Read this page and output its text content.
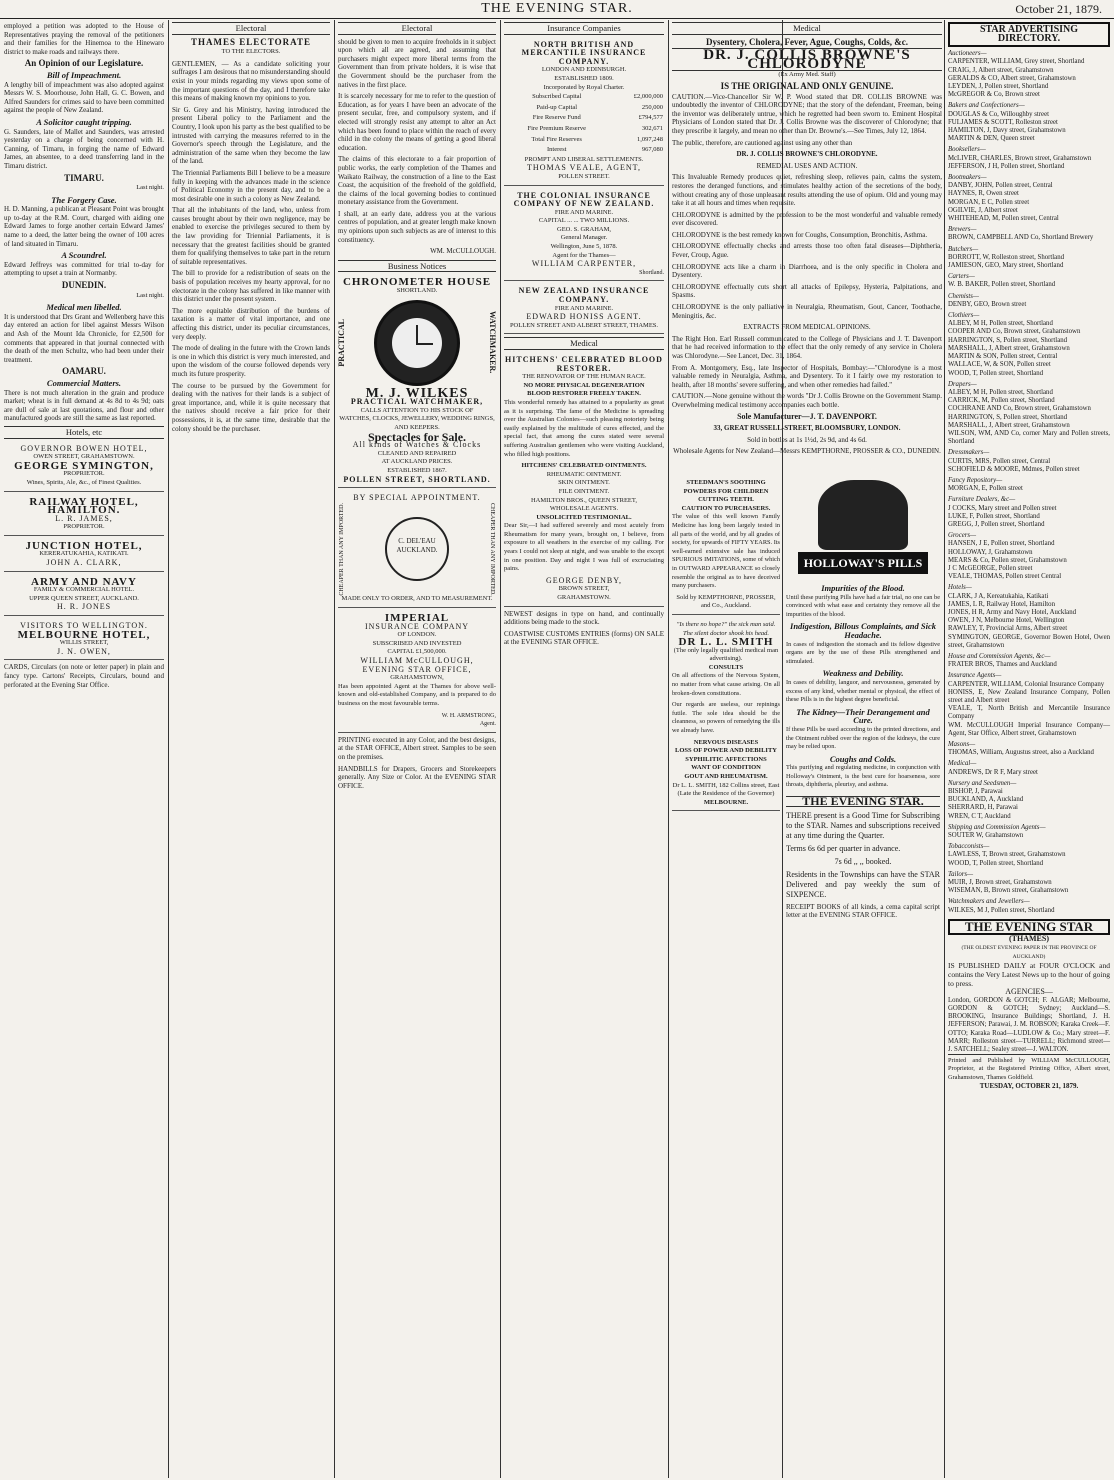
THE EVENING STAR.	October 21, 1879.

employed a petition was adopted to the House of Representatives praying the removal of the petitioners and their families for the Hinemoa to the Hinewaro district to make roads and railways there.

An Opinion of our Legislature.
Bill of Impeachment.

A lengthy bill of impeachment was also adopted against Messrs W. S. Moorhouse, John Hall, G. C. Bowen, and Alfred Saunders for crimes said to have been committed against the people of New Zealand.

A Solicitor caught tripping.

G. Saunders, late of Mallet and Saunders, was arrested yesterday on a charge of being concerned with H. Canning, of Timaru, in forging the name of Edward James, an absentee, to a deed transferring land in the Timaru district.

TIMARU.
Last night.
The Forgery Case.

H. D. Manning, a publican at Pleasant Point was brought up to-day at the R.M. Court, charged with aiding one Edward James to forge another certain Edward James' name to a deed, the latter being the owner of 100 acres of land situated in Timaru.

A Scoundrel.

Edward Jeffreys was committed for trial to-day for attempting to upset a train at Normanby.

DUNEDIN.
Last night.
Medical men libelled.

It is understood that Drs Grant and Wellenberg have this day entered an action for libel against Messrs Wilson and Ash of the Mount Ida Chronicle, for £2,500 for comments that appeared in that journal connected with the death of the men Schultz, who had been under their treatment.

OAMARU.
Commercial Matters.

There is not much alteration in the grain and produce market; wheat is in full demand at 4s 8d to 4s 9d; oats are dull of sale at last quotations, and flour and other manufactured goods are still the same as last reported.

Hotels, etc
GOVERNOR BOWEN HOTEL,
OWEN STREET, GRAHAMSTOWN.
GEORGE SYMINGTON,
PROPRIETOR.
Wines, Spirits, Ale, &c., of Finest Qualities.
RAILWAY HOTEL, HAMILTON.
L. R. JAMES,
PROPRIETOR.
JUNCTION HOTEL,
KERERATUKAHIA, KATIKATI.
JOHN A. CLARK,
ARMY AND NAVY
FAMILY & COMMERCIAL HOTEL.
UPPER QUEEN STREET, AUCKLAND.
H. R. JONES
VISITORS TO WELLINGTON.
MELBOURNE HOTEL,
WILLIS STREET,
J. N. OWEN,

CARDS, Circulars (on note or letter paper) in plain and fancy type. Cartons' Receipts, Circulars, bound and perforated at the Evening Star Office.

Electoral
THAMES ELECTORATE
TO THE ELECTORS.

GENTLEMEN, — As a candidate soliciting your suffrages I am desirous that no misunderstanding should exist in your minds regarding my views upon some of the important questions of the day, and I therefore take this means of making known my opinions to you.

Sir G. Grey and his Ministry, having introduced the present Liberal policy to the Parliament and the Country, I look upon his party as the best qualified to be intrusted with carrying the measures referred to in the Governor's speech through the Legislature, and the administration of the same when they become the law of the land.

The Triennial Parliaments Bill I believe to be a measure fully in keeping with the advances made in the science of Political Economy in the present day, and to be a most desirable one in such a colony as New Zealand.

That all the inhabitants of the land, who, unless from causes brought about by their own negligence, may be enabled to exercise the privileges secured to them by the law providing for Triennial Parliaments, it is necessary that the greatest facilities should be granted them for qualifying themselves to take part in the return of suitable representatives.

The bill to provide for a redistribution of seats on the basis of population receives my hearty approval, for no electorate in the colony has suffered in like manner with this district under the present system.

The more equitable distribution of the burdens of taxation is a matter of vital importance, and one affecting this district, under its peculiar circumstances, very deeply.

The mode of dealing in the future with the Crown lands is one in which this district is very much interested, and upon the wisdom of the course followed depends very much its future prosperity.

The course to be pursued by the Government for dealing with the natives for their lands is a subject of great importance, and, while it is quite necessary that the natives should receive a fair price for their possessions, it is, at the same time, desirable that the colony should be the purchaser.

Electoral

should be given to men to acquire freeholds in it subject upon which all are agreed, and assuming that purchasers might expect more liberal terms from the Government than from private holders, it is wise that the Government should be the purchaser from the natives in the first place.

It is scarcely necessary for me to refer to the question of Education, as for years I have been an advocate of the present secular, free, and compulsory system, and if elected will strongly resist any attempt to alter an Act which has been found to place within the reach of every child in the colony the means of getting a good liberal education.

The claims of this electorate to a fair proportion of public works, the early completion of the Thames and Waikato Railway, the construction of a line to the East Coast, the acquisition of the freehold of the goldfield, the claims of the local governing bodies to continued monetary assistance from the Government.

I shall, at an early date, address you at the various centres of population, and at greater length make known my opinions upon such subjects as are of interest to this constituency.

WM. McCULLOUGH.
Business Notices
CHRONOMETER HOUSE
SHORTLAND.
PRACTICAL	WATCHMAKER.
M. J. WILKES
PRACTICAL WATCHMAKER,
CALLS ATTENTION TO HIS STOCK OF
WATCHES, CLOCKS, JEWELLERY, WEDDING RINGS, AND KEEPERS.
Spectacles for Sale.
All kinds of Watches & Clocks
CLEANED AND REPAIRED
AT AUCKLAND PRICES.
ESTABLISHED 1867.
POLLEN STREET, SHORTLAND.
BY SPECIAL APPOINTMENT.
CHEAPER THAN ANY IMPORTED.	C. DEL'EAU AUCKLAND.	CHEAPER THAN ANY IMPORTED.
MADE ONLY TO ORDER, AND TO MEASUREMENT.
IMPERIAL
INSURANCE COMPANY
OF LONDON.
SUBSCRIBED AND INVESTED
CAPITAL £1,500,000.
WILLIAM McCULLOUGH,
EVENING STAR OFFICE,
GRAHAMSTOWN,

Has been appointed Agent at the Thames for above well-known and old-established Company, and is prepared to do business on the most favourable terms.

W. H. ARMSTRONG,
Agent.

PRINTING executed in any Color, and the best designs, at the STAR OFFICE, Albert street. Samples to be seen on the premises.

HANDBILLS for Drapers, Grocers and Storekeepers generally. Any Size or Color. At the EVENING STAR OFFICE.

Insurance Companies
NORTH BRITISH AND MERCANTILE INSURANCE COMPANY.
LONDON AND EDINBURGH.
ESTABLISHED 1809.
Incorporated by Royal Charter.
Subscribed Capital	£2,000,000
Paid-up Capital	250,000
Fire Reserve Fund	£794,577
Fire Premium Reserve	302,671
Total Fire Reserves	1,097,248
Interest	967,080
PROMPT AND LIBERAL SETTLEMENTS.
THOMAS VEALE, AGENT,
POLLEN STREET.
THE COLONIAL INSURANCE COMPANY OF NEW ZEALAND.
FIRE AND MARINE.
CAPITAL ... ... TWO MILLIONS.
GEO. S. GRAHAM,
General Manager.
Wellington, June 5, 1878.
Agent for the Thames—
WILLIAM CARPENTER,
Shortland.
NEW ZEALAND INSURANCE COMPANY.
FIRE AND MARINE.
EDWARD HONISS AGENT.
POLLEN STREET AND ALBERT STREET, THAMES.
Medical
HITCHENS' CELEBRATED BLOOD RESTORER.
THE RENOVATOR OF THE HUMAN RACE.
NO MORE PHYSICAL DEGENERATION
BLOOD RESTORER FREELY TAKEN.

This wonderful remedy has attained to a popularity as great as it is surprising. The fame of the Medicine is spreading over the Australian Colonies—such pleasing notoriety being easily explained by the multitude of cures effected, and the special fact, that among the cures stated were several suffering Australian gentlemen who were visiting Auckland, who filled high positions.

HITCHENS' CELEBRATED OINTMENTS.
RHEUMATIC OINTMENT.
SKIN OINTMENT.
FILE OINTMENT.
HAMILTON BROS., QUEEN STREET,
WHOLESALE AGENTS.
UNSOLICITED TESTIMONIAL.

Dear Sir,—I had suffered severely and most acutely from Rheumatism for many years, brought on, I believe, from exposure to all weathers in the exercise of my calling. For years I could not sleep at night, and was unable to the except in one position. Day and night I was full of excruciating pains.

GEORGE DENBY,
BROWN STREET,
GRAHAMSTOWN.

NEWEST designs in type on hand, and continually additions being made to the stock.

COASTWISE CUSTOMS ENTRIES (forms) ON SALE at the EVENING STAR OFFICE.

Medical
Dysentery, Cholera, Fever, Ague, Coughs, Colds, &c.
DR. J. COLLIS BROWNE'S CHLORODYNE
(Ex Army Med. Staff)
IS THE ORIGINAL AND ONLY GENUINE.

CAUTION.—Vice-Chancellor Sir W. P. Wood stated that DR. COLLIS BROWNE was undoubtedly the inventor of CHLORODYNE; that the story of the defendant, Freeman, being the inventor was deliberately untrue, which he regretted had been sworn to. Eminent Hospital Physicians of London stated that Dr. J. Collis Browne was the discoverer of Chlorodyne; that they prescribe it largely, and mean no other than Dr. Browne's.—See Times, July 12, 1864.

The public, therefore, are cautioned against using any other than

DR. J. COLLIS BROWNE'S CHLORODYNE.

REMEDIAL USES AND ACTION.

This Invaluable Remedy produces quiet, refreshing sleep, relieves pain, calms the system, restores the deranged functions, and stimulates healthy action of the secretions of the body, without creating any of those unpleasant results attending the use of opium. Old and young may take it at all hours and times when requisite.

CHLORODYNE is admitted by the profession to be the most wonderful and valuable remedy ever discovered.

CHLORODYNE is the best remedy known for Coughs, Consumption, Bronchitis, Asthma.

CHLORODYNE effectually checks and arrests those too often fatal diseases—Diphtheria, Fever, Croup, Ague.

CHLORODYNE acts like a charm in Diarrhoea, and is the only specific in Cholera and Dysentery.

CHLORODYNE effectually cuts short all attacks of Epilepsy, Hysteria, Palpitations, and Spasms.

CHLORODYNE is the only palliative in Neuralgia, Rheumatism, Gout, Cancer, Toothache, Meningitis, &c.

EXTRACTS FROM MEDICAL OPINIONS.

The Right Hon. Earl Russell communicated to the College of Physicians and J. T. Davenport that he had received information to the effect that the only remedy of any service in Cholera was Chlorodyne.—See Lancet, Dec. 31, 1864.

From A. Montgomery, Esq., late Inspector of Hospitals, Bombay:—"Chlorodyne is a most valuable remedy in Neuralgia, Asthma, and Dysentery. To it I fairly owe my restoration to health, after 18 months' severe suffering, and when other remedies had failed."

CAUTION.—None genuine without the words "Dr J. Collis Browne on the Government Stamp. Overwhelming medical testimony accompanies each bottle.

Sole Manufacturer—J. T. DAVENPORT.

33, GREAT RUSSELL-STREET, BLOOMSBURY, LONDON.

Sold in bottles at 1s 1½d, 2s 9d, and 4s 6d.

Wholesale Agents for New Zealand—Messrs KEMPTHORNE, PROSSER & CO., DUNEDIN.

STEEDMAN'S SOOTHING POWDERS FOR CHILDREN CUTTING TEETH.
CAUTION TO PURCHASERS.

The value of this well known Family Medicine has long been largely tested in all parts of the world, and by all grades of society, for upwards of FIFTY YEARS. Its well-earned extensive sale has induced SPURIOUS IMITATIONS, some of which in OUTWARD APPEARANCE so closely resemble the original as to have deceived many purchasers.

Sold by KEMPTHORNE, PROSSER, and Co., Auckland.
"Is there no hope?" the sick man said. The silent doctor shook his head.
DR L. L. SMITH
(The only legally qualified medical man advertising).
CONSULTS

On all affections of the Nervous System, no matter from what cause arising. On all broken-down constitutions.

Our regards are useless, our repinings futile. The sole idea should be the cleanness, so powers of remedying the ills we already have.

NERVOUS DISEASES
LOSS OF POWER AND DEBILITY
SYPHILITIC AFFECTIONS
WANT OF CONDITION
GOUT AND RHEUMATISM.
Dr L. L. SMITH, 182 Collins street, East (Late the Residence of the Governor)
MELBOURNE.
HOLLOWAY'S PILLS
Impurities of the Blood.

Until these purifying Pills have had a fair trial, no one can be convinced with what ease and certainty they remove all the impurities of the blood.

Indigestion, Billous Complaints, and Sick Headache.

In cases of indigestion the stomach and its fellow digestive organs are by the use of these Pills strengthened and stimulated.

Weakness and Debility.

In cases of debility, languor, and nervousness, generated by excess of any kind, whether mental or physical, the effect of these Pills is in the highest degree beneficial.

The Kidney—Their Derangement and Cure.

If these Pills be used according to the printed directions, and the Ointment rubbed over the region of the kidneys, the cure may be relied upon.

Coughs and Colds.

This purifying and regulating medicine, in conjunction with Holloway's Ointment, is the best cure for hoarseness, sore throats, diphtheria, pleurisy, and asthma.

THE EVENING STAR.

THERE present is a Good Time for Subscribing to the STAR. Names and subscriptions received at any time during the Quarter.

Terms 6s 6d per quarter in advance.

7s 6d ,, ,, booked.

Residents in the Townships can have the STAR Delivered and pay weekly the sum of SIXPENCE.

RECEIPT BOOKS of all kinds, a cema capital script letter at the EVENING STAR OFFICE.

STAR ADVERTISING DIRECTORY.

Auctioneers—

CARPENTER, WILLIAM, Grey street, Shortland

CRAIG, J, Albert street, Grahamstown

GERALDS & CO, Albert street, Grahamstown

LEYDEN, J, Pollen street, Shortland

McGREGOR & Co, Brown street

Bakers and Confectioners—

DOUGLAS & Co, Willoughby street

FULJAMES & SCOTT, Rolleston street

HAMILTON, J, Davy street, Grahamstown

MARTIN & DEN, Queen street

Booksellers—

McLIVER, CHARLES, Brown street, Grahamstown

JEFFERSON, J H, Pollen street, Shortland

Bootmakers—

DANBY, JOHN, Pollen street, Central

HAYNES, R, Owen street

MORGAN, E C, Pollen street

OGILVIE, J, Albert street

WHITEHEAD, M, Pollen street, Central

Brewers—

BROWN, CAMPBELL AND Co, Shortland Brewery

Butchers—

BORROTT, W, Rolleston street, Shortland

JAMIESON, GEO, Mary street, Shortland

Carters—

W. B. BAKER, Pollen street, Shortland

Chemists—

DENBY, GEO, Brown street

Clothiers—

ALBEY, M H, Pollen street, Shortland

COOPER AND Co, Brown street, Grahamstown

HARRINGTON, S, Pollen street, Shortland

MARSHALL, J, Albert street, Grahamstown

MARTIN & SON, Pollen street, Central

WALLACE, W, & SON, Pollen street

WOOD, T, Pollen street, Shortland

Drapers—

ALBEY, M H, Pollen street, Shortland

CARRICK, M, Pollen street, Shortland

COCHRANE AND Co, Brown street, Grahamstown

HARRINGTON, S, Pollen street, Shortland

MARSHALL, J, Albert street, Grahamstown

WILSON, WM, AND Co, corner Mary and Pollen streets, Shortland

Dressmakers—

CURTIS, MRS, Pollen street, Central

SCHOFIELD & MOORE, Mdmes, Pollen street

Fancy Repository—

MORGAN, E, Pollen street

Furniture Dealers, &c—

J COCKS, Mary street and Pollen street

LUKE, F, Pollen street, Shortland

GREGG, J, Pollen street, Shortland

Grocers—

HANSEN, J E, Pollen street, Shortland

HOLLOWAY, J, Grahamstown

MEARS & Co, Pollen street, Grahamstown

J C McGEORGE, Pollen street

VEALE, THOMAS, Pollen street Central

Hotels—

CLARK, J A, Kereatukahia, Katikati

JAMES, L R, Railway Hotel, Hamilton

JONES, H R, Army and Navy Hotel, Auckland

OWEN, J N, Melbourne Hotel, Wellington

RAWLEY, T, Provincial Arms, Albert street

SYMINGTON, GEORGE, Governor Bowen Hotel, Owen street, Grahamstown

House and Commission Agents, &c—

FRATER BROS, Thames and Auckland

Insurance Agents—

CARPENTER, WILLIAM, Colonial Insurance Company

HONISS, E, New Zealand Insurance Company, Pollen street and Albert street

VEALE, T, North British and Mercantile Insurance Company

WM. McCULLOUGH Imperial Insurance Company—Agent, Star Office, Albert street, Grahamstown

Masons—

THOMAS, William, Augustus street, also a Auckland

Medical—

ANDREWS, Dr R F, Mary street

Nursery and Seedsmen—

BISHOP, J, Parawai

BUCKLAND, A, Auckland

SHERRARD, H, Parawai

WREN, C T, Auckland

Shipping and Commission Agents—

SOUTER W, Grahamstown

Tobacconists—

LAWLESS, T, Brown street, Grahamstown

WOOD, T, Pollen street, Shortland

Tailors—

MUIR, J, Brown street, Grahamstown

WISEMAN, B, Brown street, Grahamstown

Watchmakers and Jewellers—

WILKES, M J, Pollen street, Shortland

THE EVENING STAR
(THAMES)
(THE OLDEST EVENING PAPER IN THE PROVINCE OF AUCKLAND)

IS PUBLISHED DAILY at FOUR O'CLOCK and contains the Very Latest News up to the hour of going to press.

AGENCIES—

London, GORDON & GOTCH; F. ALGAR; Melbourne, GORDON & GOTCH; Sydney; Auckland—S. BROOKING, Insurance Buildings; Shortland, J. H. JEFFERSON; Parawai, J. M. ROBSON; Karaka Creek—F. OTTO; Karaka Road—LUDLOW & Co.; Mary street—F. MARR; Rolleston street—TURRELL; Richmond street—J. SATCHELL; Sealey street—J. WALTON.

Printed and Published by WILLIAM McCULLOUGH, Proprietor, at the Registered Printing Office, Albert street, Grahamstown, Thames Goldfield.

TUESDAY, OCTOBER 21, 1879.
